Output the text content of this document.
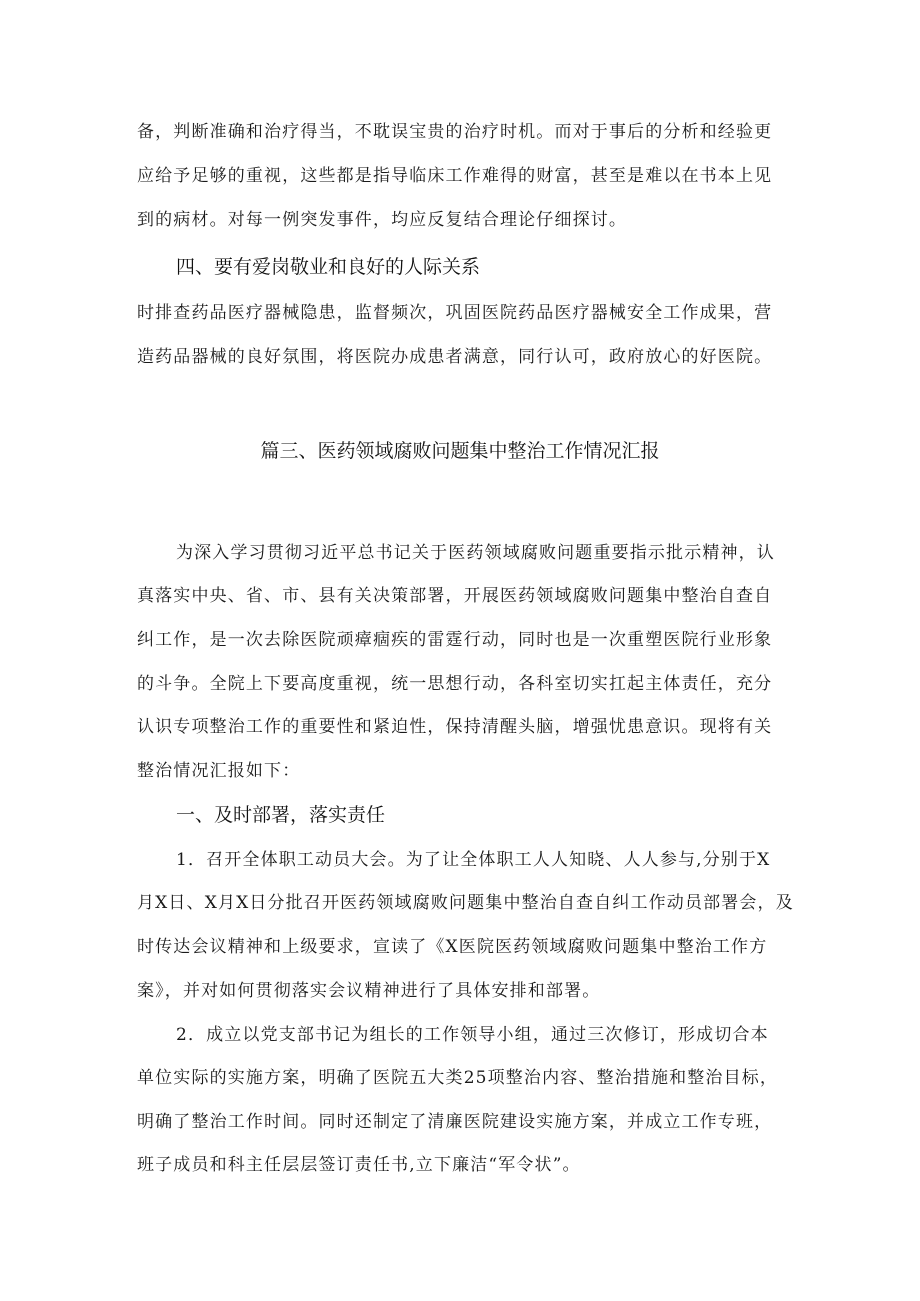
备，判断准确和治疗得当，不耽误宝贵的治疗时机。而对于事后的分析和经验更
应给予足够的重视，这些都是指导临床工作难得的财富，甚至是难以在书本上见
到的病材。对每一例突发事件，均应反复结合理论仔细探讨。
四、要有爱岗敬业和良好的人际关系
时排查药品医疗器械隐患，监督频次，巩固医院药品医疗器械安全工作成果，营
造药品器械的良好氛围，将医院办成患者满意，同行认可，政府放心的好医院。
篇三、医药领域腐败问题集中整治工作情况汇报
为深入学习贯彻习近平总书记关于医药领域腐败问题重要指示批示精神，认
真落实中央、省、市、县有关决策部署，开展医药领域腐败问题集中整治自查自
纠工作，是一次去除医院顽瘴痼疾的雷霆行动，同时也是一次重塑医院行业形象
的斗争。全院上下要高度重视，统一思想行动，各科室切实扛起主体责任，充分
认识专项整治工作的重要性和紧迫性，保持清醒头脑，增强忧患意识。现将有关
整治情况汇报如下：
一、及时部署，落实责任
1．召开全体职工动员大会。为了让全体职工人人知晓、人人参与,分别于X
月X日、X月X日分批召开医药领域腐败问题集中整治自查自纠工作动员部署会，及
时传达会议精神和上级要求，宣读了《X医院医药领域腐败问题集中整治工作方
案》，并对如何贯彻落实会议精神进行了具体安排和部署。
2．成立以党支部书记为组长的工作领导小组，通过三次修订，形成切合本
单位实际的实施方案，明确了医院五大类25项整治内容、整治措施和整治目标，
明确了整治工作时间。同时还制定了清廉医院建设实施方案，并成立工作专班，
班子成员和科主任层层签订责任书,立下廉洁“军令状”。
